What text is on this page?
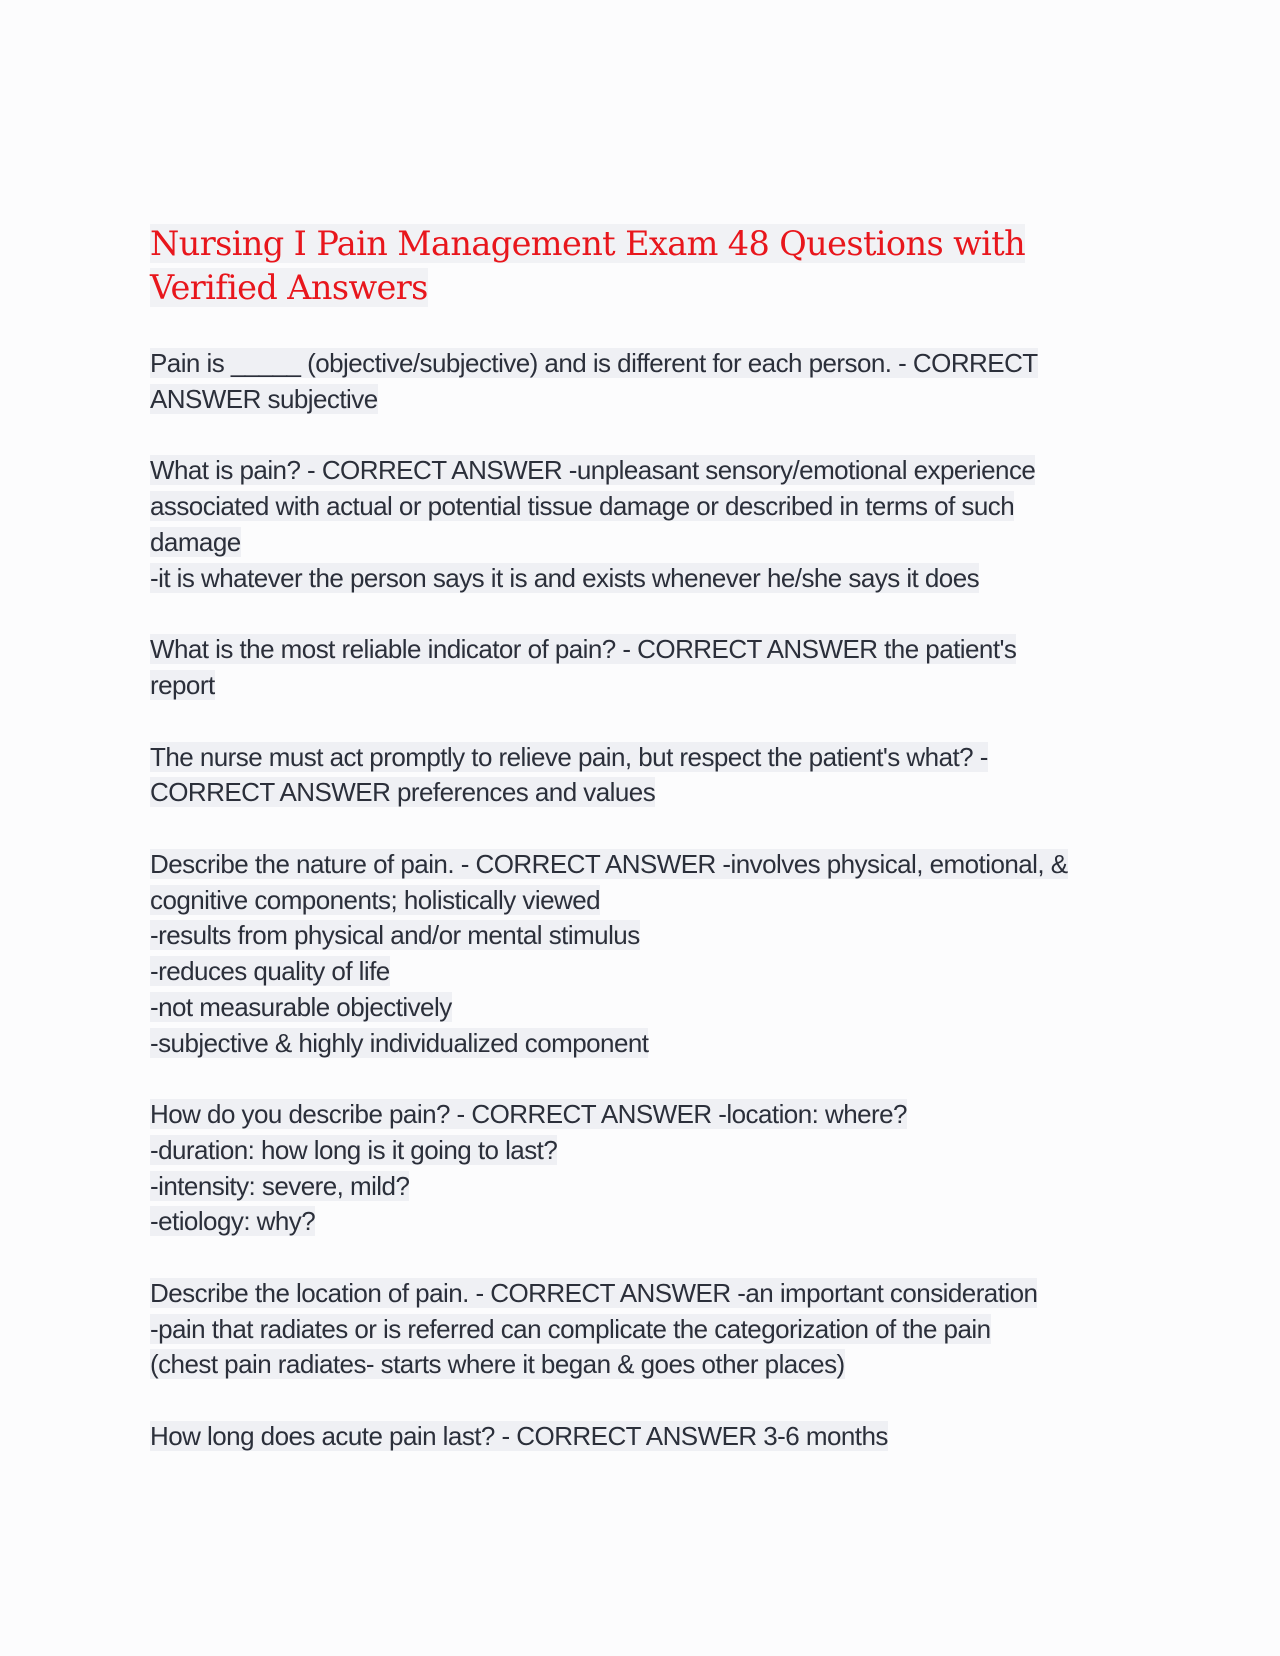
Nursing I Pain Management Exam 48 Questions with
Verified Answers

Pain is _____ (objective/subjective) and is different for each person. - CORRECT
ANSWER subjective

What is pain? - CORRECT ANSWER -unpleasant sensory/emotional experience
associated with actual or potential tissue damage or described in terms of such
damage
-it is whatever the person says it is and exists whenever he/she says it does

What is the most reliable indicator of pain? - CORRECT ANSWER the patient's
report

The nurse must act promptly to relieve pain, but respect the patient's what? -
CORRECT ANSWER preferences and values

Describe the nature of pain. - CORRECT ANSWER -involves physical, emotional, &
cognitive components; holistically viewed
-results from physical and/or mental stimulus
-reduces quality of life
-not measurable objectively
-subjective & highly individualized component

How do you describe pain? - CORRECT ANSWER -location: where?
-duration: how long is it going to last?
-intensity: severe, mild?
-etiology: why?

Describe the location of pain. - CORRECT ANSWER -an important consideration
-pain that radiates or is referred can complicate the categorization of the pain
(chest pain radiates- starts where it began & goes other places)

How long does acute pain last? - CORRECT ANSWER 3-6 months
